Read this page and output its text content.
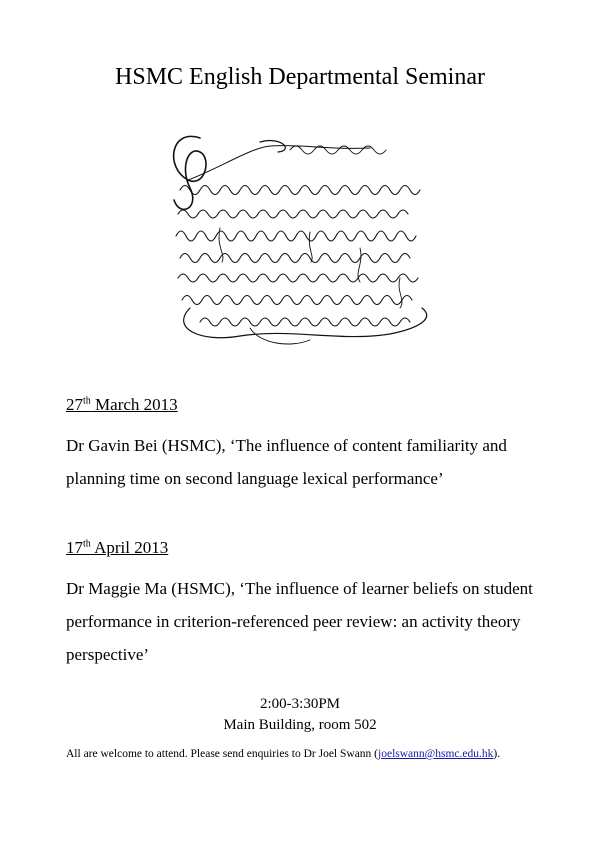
HSMC English Departmental Seminar
27th March 2013
Dr Gavin Bei (HSMC), ‘The influence of content familiarity and planning time on second language lexical performance’
17th April 2013
Dr Maggie Ma (HSMC), ‘The influence of learner beliefs on student performance in criterion-referenced peer review: an activity theory perspective’
2:00-3:30PM
Main Building, room 502
All are welcome to attend. Please send enquiries to Dr Joel Swann (joelswann@hsmc.edu.hk).
